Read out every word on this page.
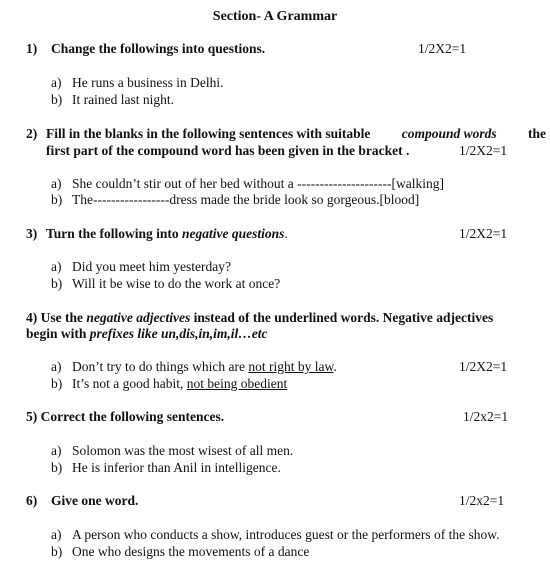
Section- A Grammar
1) Change the followings into questions.	1/2X2=1
a) He runs a business in Delhi.
b) It rained last night.
2) Fill in the blanks in the following sentences with suitable compound words the
first part of the compound word has been given in the bracket .	1/2X2=1
a) She couldn’t stir out of her bed without a ---------------------[walking]
b) The-----------------dress made the bride look so gorgeous.[blood]
3) Turn the following into negative questions.	1/2X2=1
a) Did you meet him yesterday?
b) Will it be wise to do the work at once?
4) Use the negative adjectives instead of the underlined words. Negative adjectives
begin with prefixes like un,dis,in,im,il…etc
a) Don’t try to do things which are not right by law.	1/2X2=1
b) It’s not a good habit, not being obedient
5) Correct the following sentences.	1/2x2=1
a) Solomon was the most wisest of all men.
b) He is inferior than Anil in intelligence.
6) Give one word.	1/2x2=1
a) A person who conducts a show, introduces guest or the performers of the show.
b) One who designs the movements of a dance
